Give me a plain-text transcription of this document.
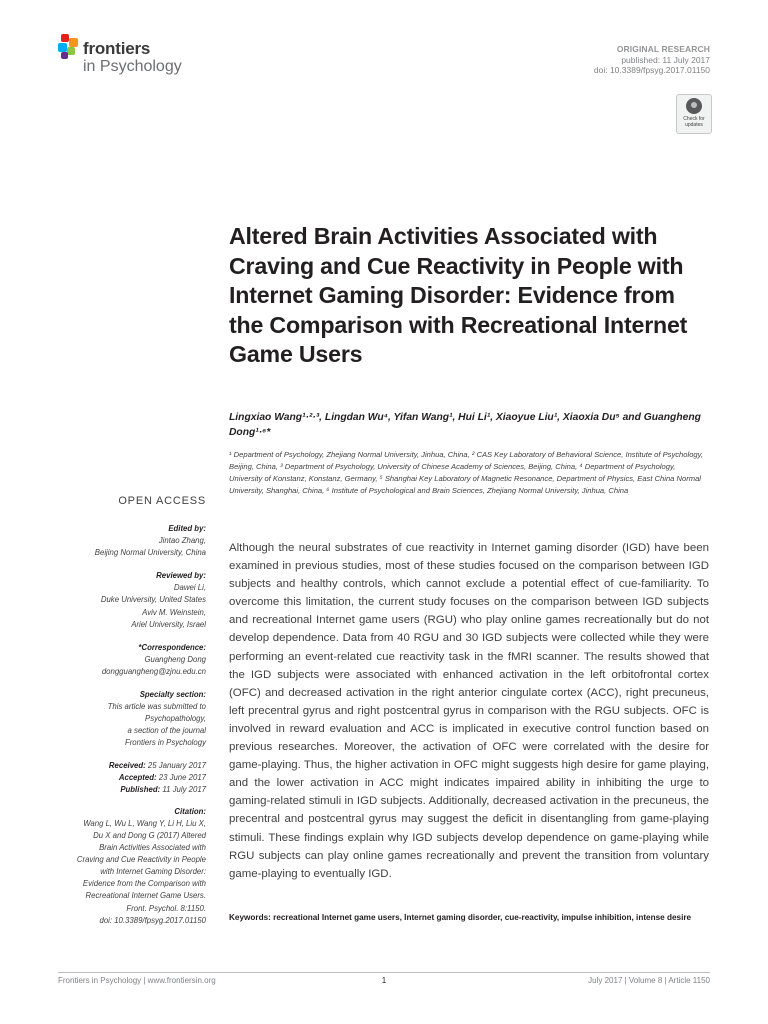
frontiers
in Psychology
ORIGINAL RESEARCH
published: 11 July 2017
doi: 10.3389/fpsyg.2017.01150
Check for
updates
Altered Brain Activities Associated with Craving and Cue Reactivity in People with Internet Gaming Disorder: Evidence from the Comparison with Recreational Internet Game Users
Lingxiao Wang¹·²·³, Lingdan Wu⁴, Yifan Wang¹, Hui Li¹, Xiaoyue Liu¹, Xiaoxia Du⁵ and Guangheng Dong¹·⁶*
¹ Department of Psychology, Zhejiang Normal University, Jinhua, China, ² CAS Key Laboratory of Behavioral Science, Institute of Psychology, Beijing, China, ³ Department of Psychology, University of Chinese Academy of Sciences, Beijing, China, ⁴ Department of Psychology, University of Konstanz, Konstanz, Germany, ⁵ Shanghai Key Laboratory of Magnetic Resonance, Department of Physics, East China Normal University, Shanghai, China, ⁶ Institute of Psychological and Brain Sciences, Zhejiang Normal University, Jinhua, China
OPEN ACCESS
Edited by:
Jintao Zhang,
Beijing Normal University, China
Reviewed by:
Dawei Li,
Duke University, United States
Aviv M. Weinstein,
Ariel University, Israel
*Correspondence:
Guangheng Dong
dongguangheng@zjnu.edu.cn
Specialty section:
This article was submitted to
Psychopathology,
a section of the journal
Frontiers in Psychology
Received: 25 January 2017
Accepted: 23 June 2017
Published: 11 July 2017
Citation:
Wang L, Wu L, Wang Y, Li H, Liu X,
Du X and Dong G (2017) Altered
Brain Activities Associated with
Craving and Cue Reactivity in People
with Internet Gaming Disorder:
Evidence from the Comparison with
Recreational Internet Game Users.
Front. Psychol. 8:1150.
doi: 10.3389/fpsyg.2017.01150
Although the neural substrates of cue reactivity in Internet gaming disorder (IGD) have been examined in previous studies, most of these studies focused on the comparison between IGD subjects and healthy controls, which cannot exclude a potential effect of cue-familiarity. To overcome this limitation, the current study focuses on the comparison between IGD subjects and recreational Internet game users (RGU) who play online games recreationally but do not develop dependence. Data from 40 RGU and 30 IGD subjects were collected while they were performing an event-related cue reactivity task in the fMRI scanner. The results showed that the IGD subjects were associated with enhanced activation in the left orbitofrontal cortex (OFC) and decreased activation in the right anterior cingulate cortex (ACC), right precuneus, left precentral gyrus and right postcentral gyrus in comparison with the RGU subjects. OFC is involved in reward evaluation and ACC is implicated in executive control function based on previous researches. Moreover, the activation of OFC were correlated with the desire for game-playing. Thus, the higher activation in OFC might suggests high desire for game playing, and the lower activation in ACC might indicates impaired ability in inhibiting the urge to gaming-related stimuli in IGD subjects. Additionally, decreased activation in the precuneus, the precentral and postcentral gyrus may suggest the deficit in disentangling from game-playing stimuli. These findings explain why IGD subjects develop dependence on game-playing while RGU subjects can play online games recreationally and prevent the transition from voluntary game-playing to eventually IGD.
Keywords: recreational Internet game users, Internet gaming disorder, cue-reactivity, impulse inhibition, intense desire
Frontiers in Psychology | www.frontiersin.org	1	July 2017 | Volume 8 | Article 1150
